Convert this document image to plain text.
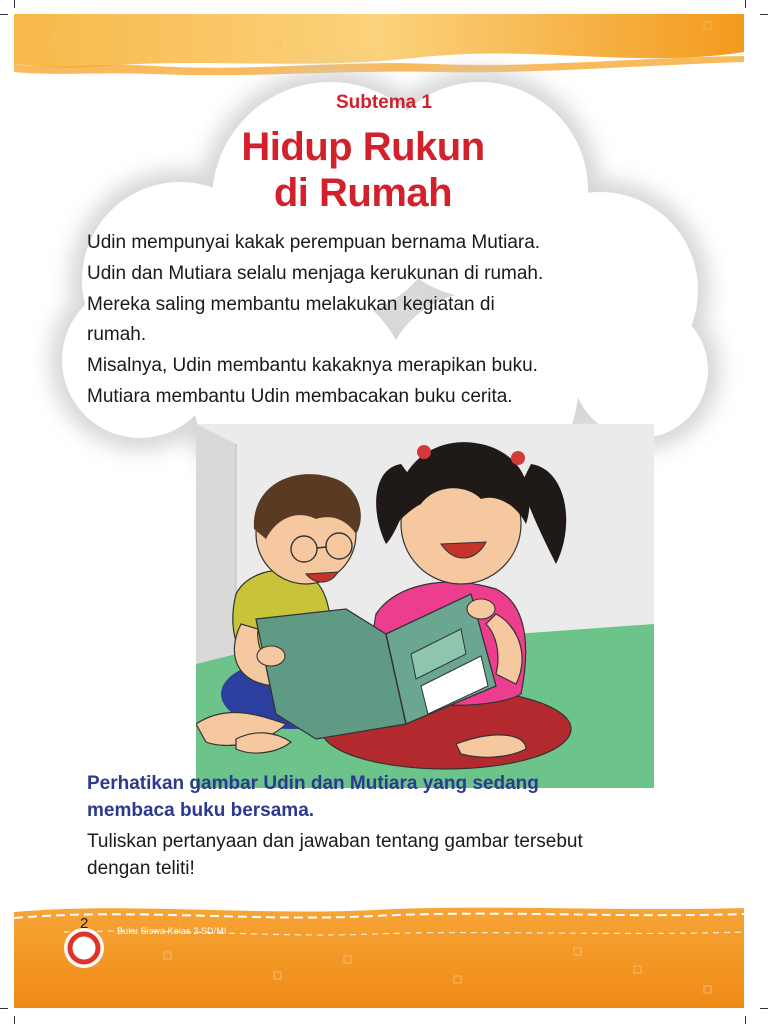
Subtema 1
Hidup Rukun
di Rumah

Udin mempunyai kakak perempuan bernama Mutiara.

Udin dan Mutiara selalu menjaga kerukunan di rumah.

Mereka saling membantu melakukan kegiatan di rumah.

Misalnya, Udin membantu kakaknya merapikan buku.

Mutiara membantu Udin membacakan buku cerita.

Perhatikan gambar Udin dan Mutiara yang sedang membaca buku bersama.
Tuliskan pertanyaan dan jawaban tentang gambar tersebut dengan teliti!
2	Buku Siswa Kelas 2 SD/MI
